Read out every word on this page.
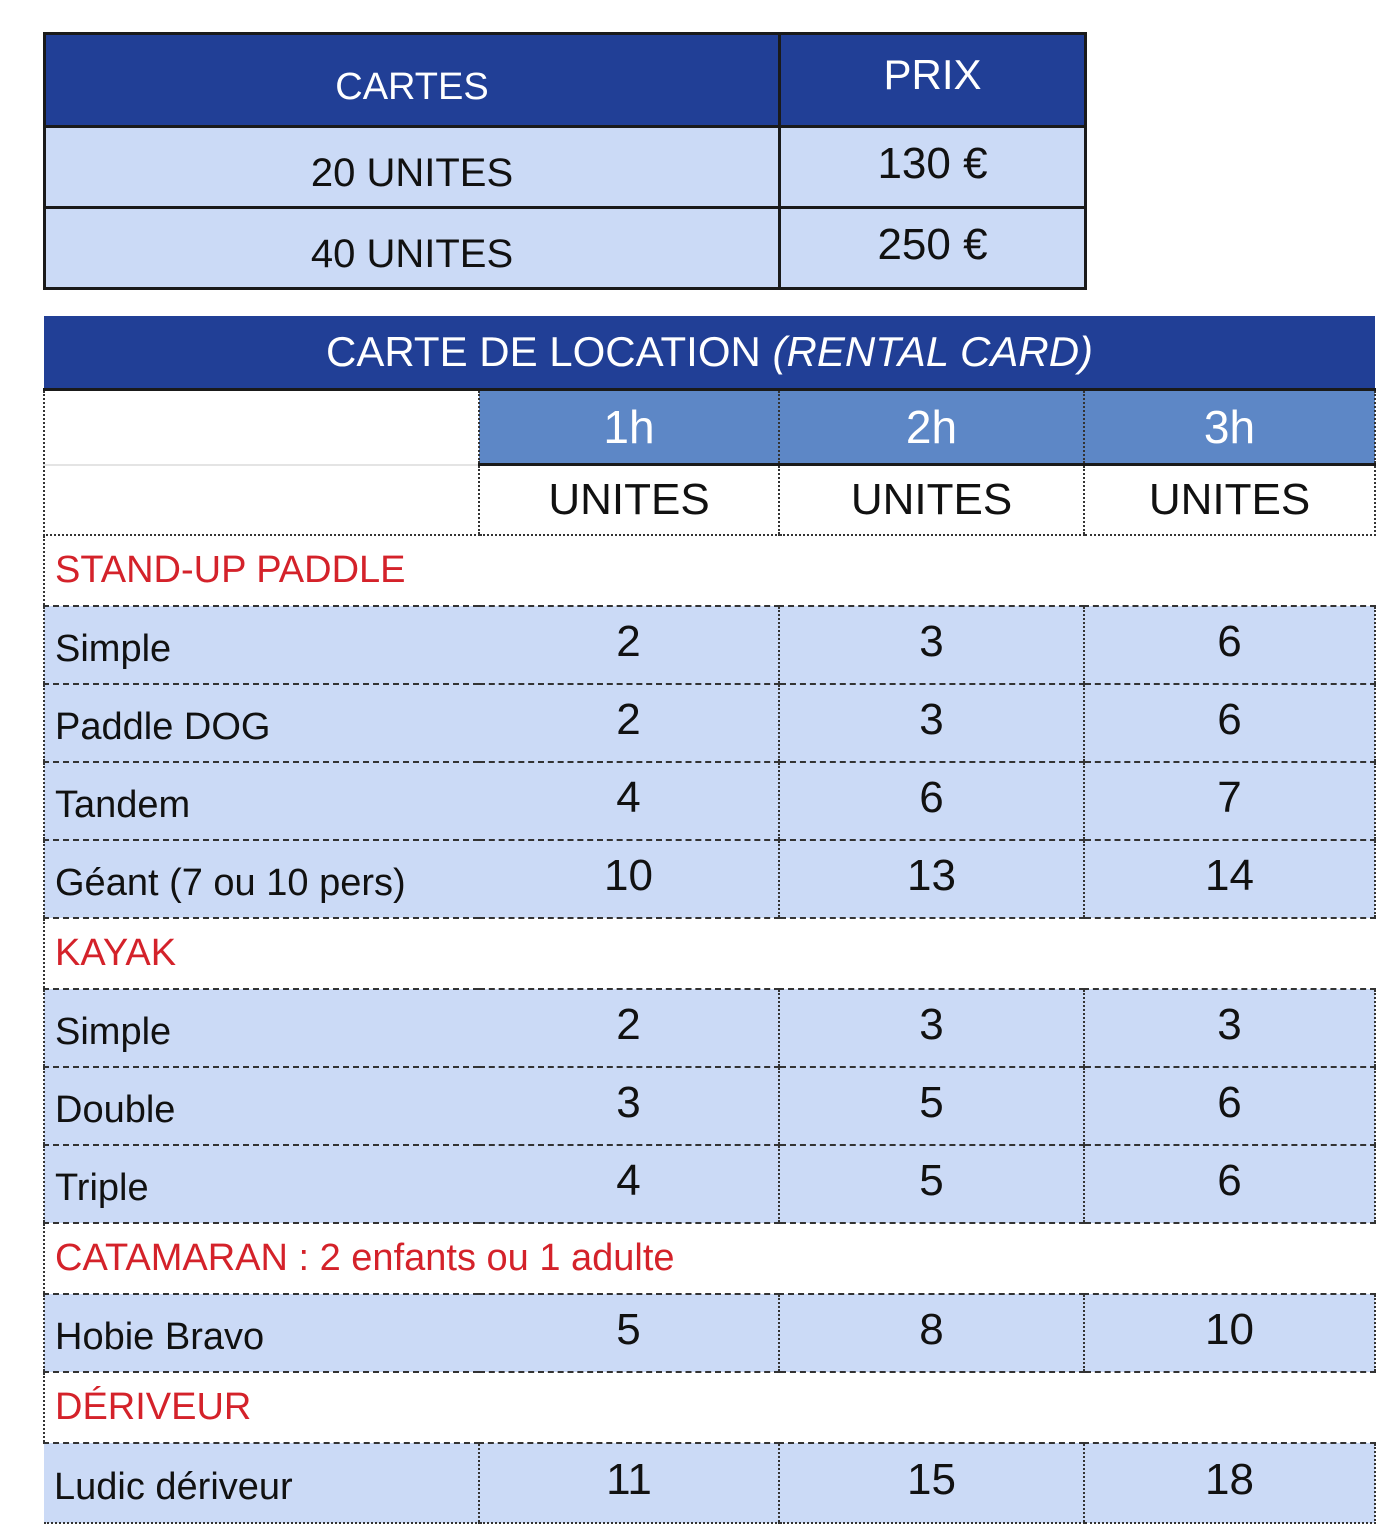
CARTES	PRIX
20 UNITES	130 €
40 UNITES	250 €
CARTE DE LOCATION (RENTAL CARD)			
	1h	2h	3h
	UNITES	UNITES	UNITES
STAND-UP PADDLE			
Simple	2	3	6
Paddle DOG	2	3	6
Tandem	4	6	7
Géant (7 ou 10 pers)	10	13	14
KAYAK			
Simple	2	3	3
Double	3	5	6
Triple	4	5	6
CATAMARAN : 2 enfants ou 1 adulte			
Hobie Bravo	5	8	10
DÉRIVEUR			
Ludic dériveur	11	15	18
